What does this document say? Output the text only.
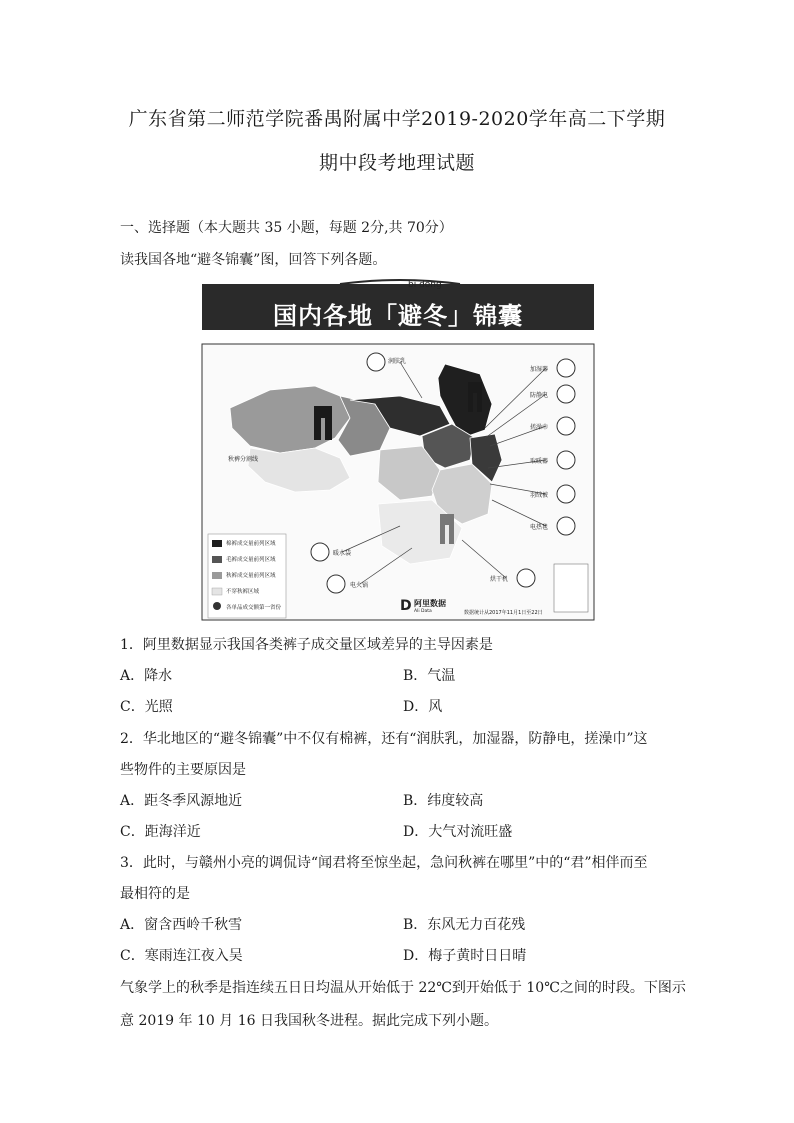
广东省第二师范学院番禺附属中学2019-2020学年高二下学期
期中段考地理试题
一、选择题（本大题共 35 小题，每题 2分,共 70分）
读我国各地“避冬锦囊”图，回答下列各题。
D
bì dōng
国内各地「避冬」锦囊
润肤乳
秋裤分割线
暖水袋
电火锅
加湿器
防静电
搓澡巾
取暖器
羽绒被
电热毯
烘干机
棉裤成交量前列区域
毛裤成交量前列区域
秋裤成交量前列区域
不穿秋裤区域
各单品成交额第一省份	阿里数据
Ali Data	数据统计从2017年11月1日至22日
1．阿里数据显示我国各类裤子成交量区域差异的主导因素是
A．降水	B．气温
C．光照	D．风
2．华北地区的“避冬锦囊”中不仅有棉裤，还有“润肤乳，加湿器，防静电，搓澡巾”这
些物件的主要原因是
A．距冬季风源地近	B．纬度较高
C．距海洋近	D．大气对流旺盛
3．此时，与赣州小亮的调侃诗“闻君将至惊坐起，急问秋裤在哪里”中的“君”相伴而至
最相符的是
A．窗含西岭千秋雪	B．东风无力百花残
C．寒雨连江夜入吴	D．梅子黄时日日晴
气象学上的秋季是指连续五日日均温从开始低于 22℃到开始低于 10℃之间的时段。下图示
意 2019 年 10 月 16 日我国秋冬进程。据此完成下列小题。
